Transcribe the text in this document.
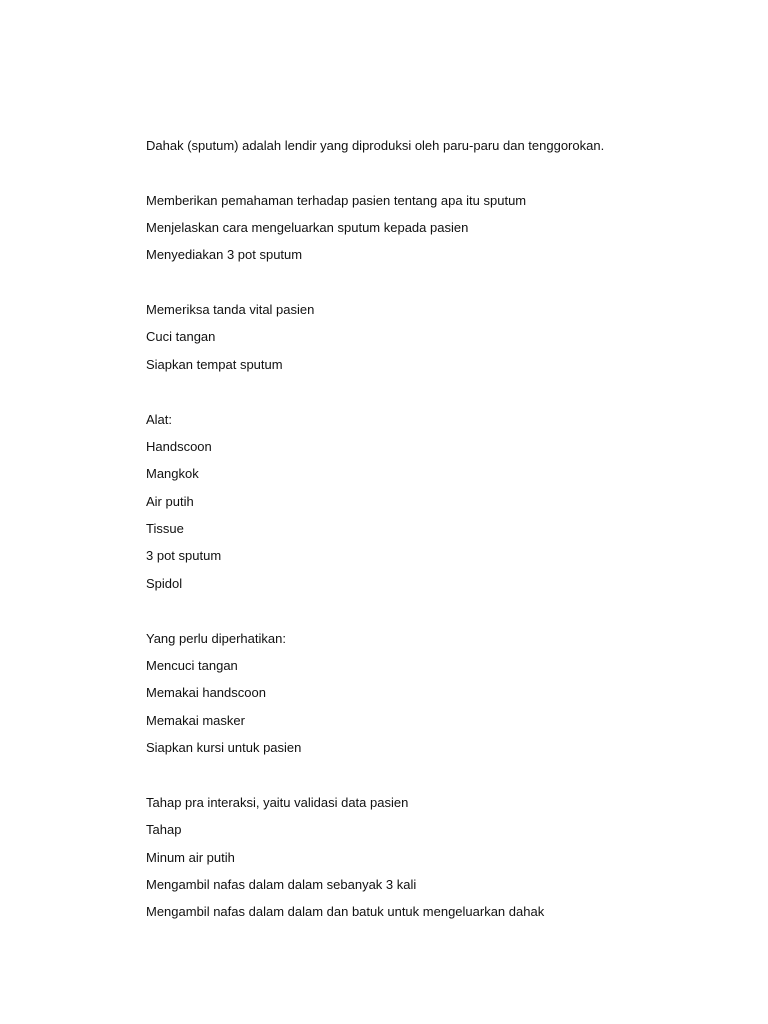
Dahak (sputum) adalah lendir yang diproduksi oleh paru-paru dan tenggorokan.
Memberikan pemahaman terhadap pasien tentang apa itu sputum
Menjelaskan cara mengeluarkan sputum kepada pasien
Menyediakan 3 pot sputum
Memeriksa tanda vital pasien
Cuci tangan
Siapkan tempat sputum
Alat:
Handscoon
Mangkok
Air putih
Tissue
3 pot sputum
Spidol
Yang perlu diperhatikan:
Mencuci tangan
Memakai handscoon
Memakai masker
Siapkan kursi untuk pasien
Tahap pra interaksi, yaitu validasi data pasien
Tahap
Minum air putih
Mengambil nafas dalam dalam sebanyak 3 kali
Mengambil nafas dalam dalam dan batuk untuk mengeluarkan dahak
